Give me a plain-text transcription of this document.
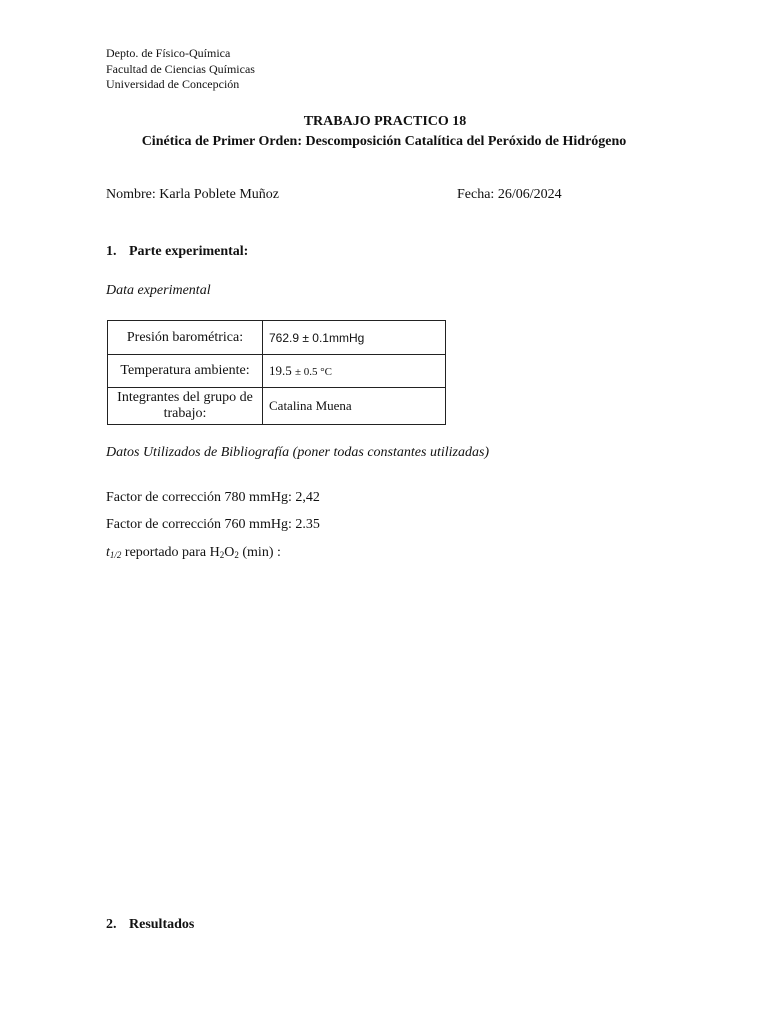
Depto. de Físico-Química
Facultad de Ciencias Químicas
Universidad de Concepción
TRABAJO PRACTICO 18
Cinética de Primer Orden: Descomposición Catalítica del Peróxido de Hidrógeno
Nombre: Karla Poblete Muñoz	Fecha: 26/06/2024
1. Parte experimental:
Data experimental
Presión barométrica:	762.9 ± 0.1mmHg
Temperatura ambiente:	19.5 ± 0.5 °C
Integrantes del grupo de trabajo:	Catalina Muena
Datos Utilizados de Bibliografía (poner todas constantes utilizadas)
Factor de corrección 780 mmHg: 2,42
Factor de corrección 760 mmHg: 2.35
$t_{1/2}$ reportado para $H_2O_2$ (min) :
2. Resultados
